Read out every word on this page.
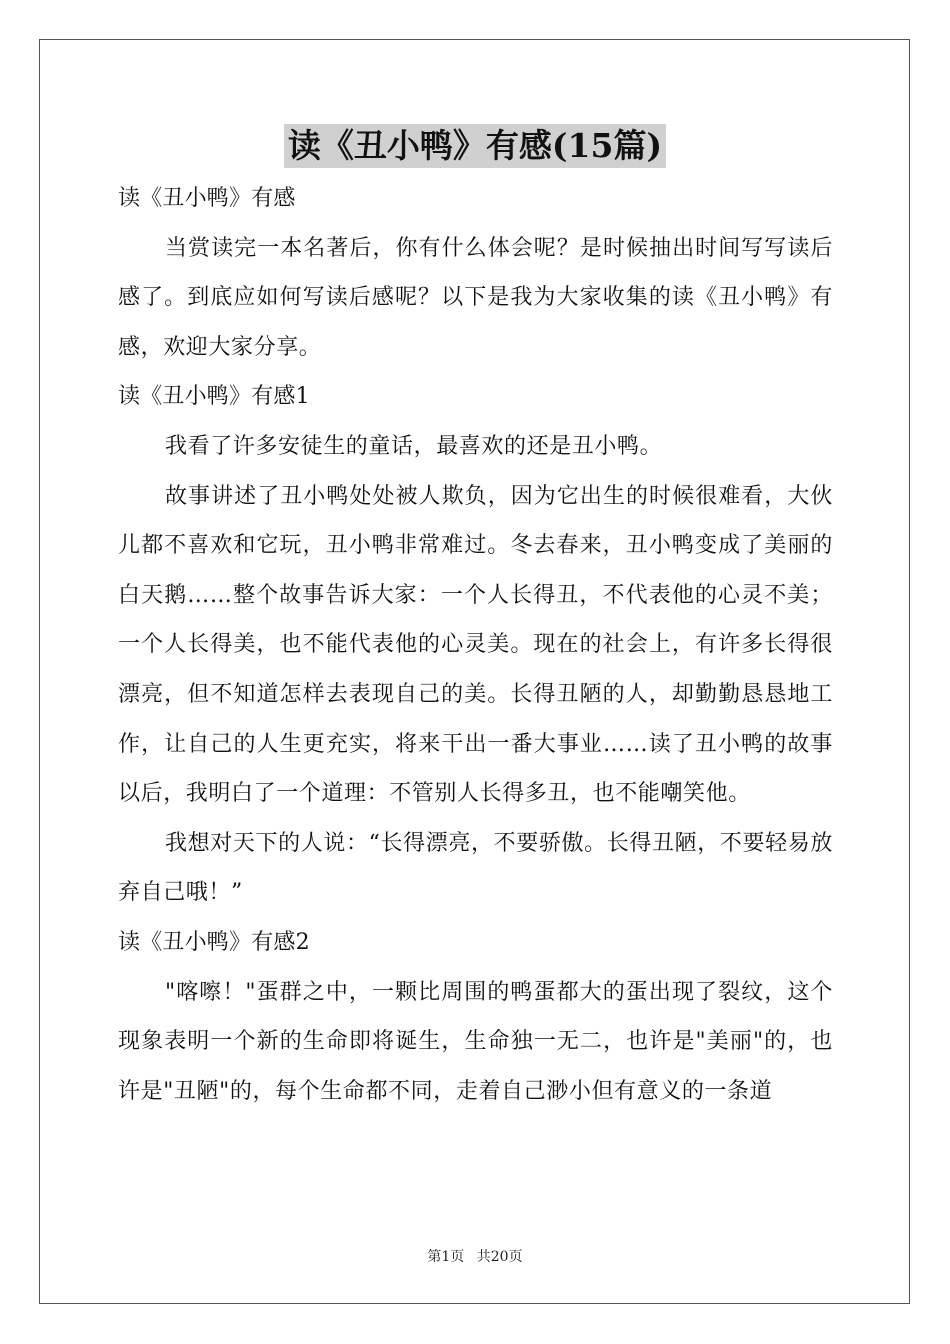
读《丑小鸭》有感(15篇)

读《丑小鸭》有感

当赏读完一本名著后，你有什么体会呢？是时候抽出时间写写读后感了。到底应如何写读后感呢？以下是我为大家收集的读《丑小鸭》有感，欢迎大家分享。

读《丑小鸭》有感1

我看了许多安徒生的童话，最喜欢的还是丑小鸭。

故事讲述了丑小鸭处处被人欺负，因为它出生的时候很难看，大伙儿都不喜欢和它玩，丑小鸭非常难过。冬去春来，丑小鸭变成了美丽的白天鹅……整个故事告诉大家：一个人长得丑，不代表他的心灵不美；一个人长得美，也不能代表他的心灵美。现在的社会上，有许多长得很漂亮，但不知道怎样去表现自己的美。长得丑陋的人，却勤勤恳恳地工作，让自己的人生更充实，将来干出一番大事业……读了丑小鸭的故事以后，我明白了一个道理：不管别人长得多丑，也不能嘲笑他。

我想对天下的人说：“长得漂亮，不要骄傲。长得丑陋，不要轻易放弃自己哦！”

读《丑小鸭》有感2

"喀嚓！"蛋群之中，一颗比周围的鸭蛋都大的蛋出现了裂纹，这个现象表明一个新的生命即将诞生，生命独一无二，也许是"美丽"的，也许是"丑陋"的，每个生命都不同，走着自己渺小但有意义的一条道

第1页 共20页
